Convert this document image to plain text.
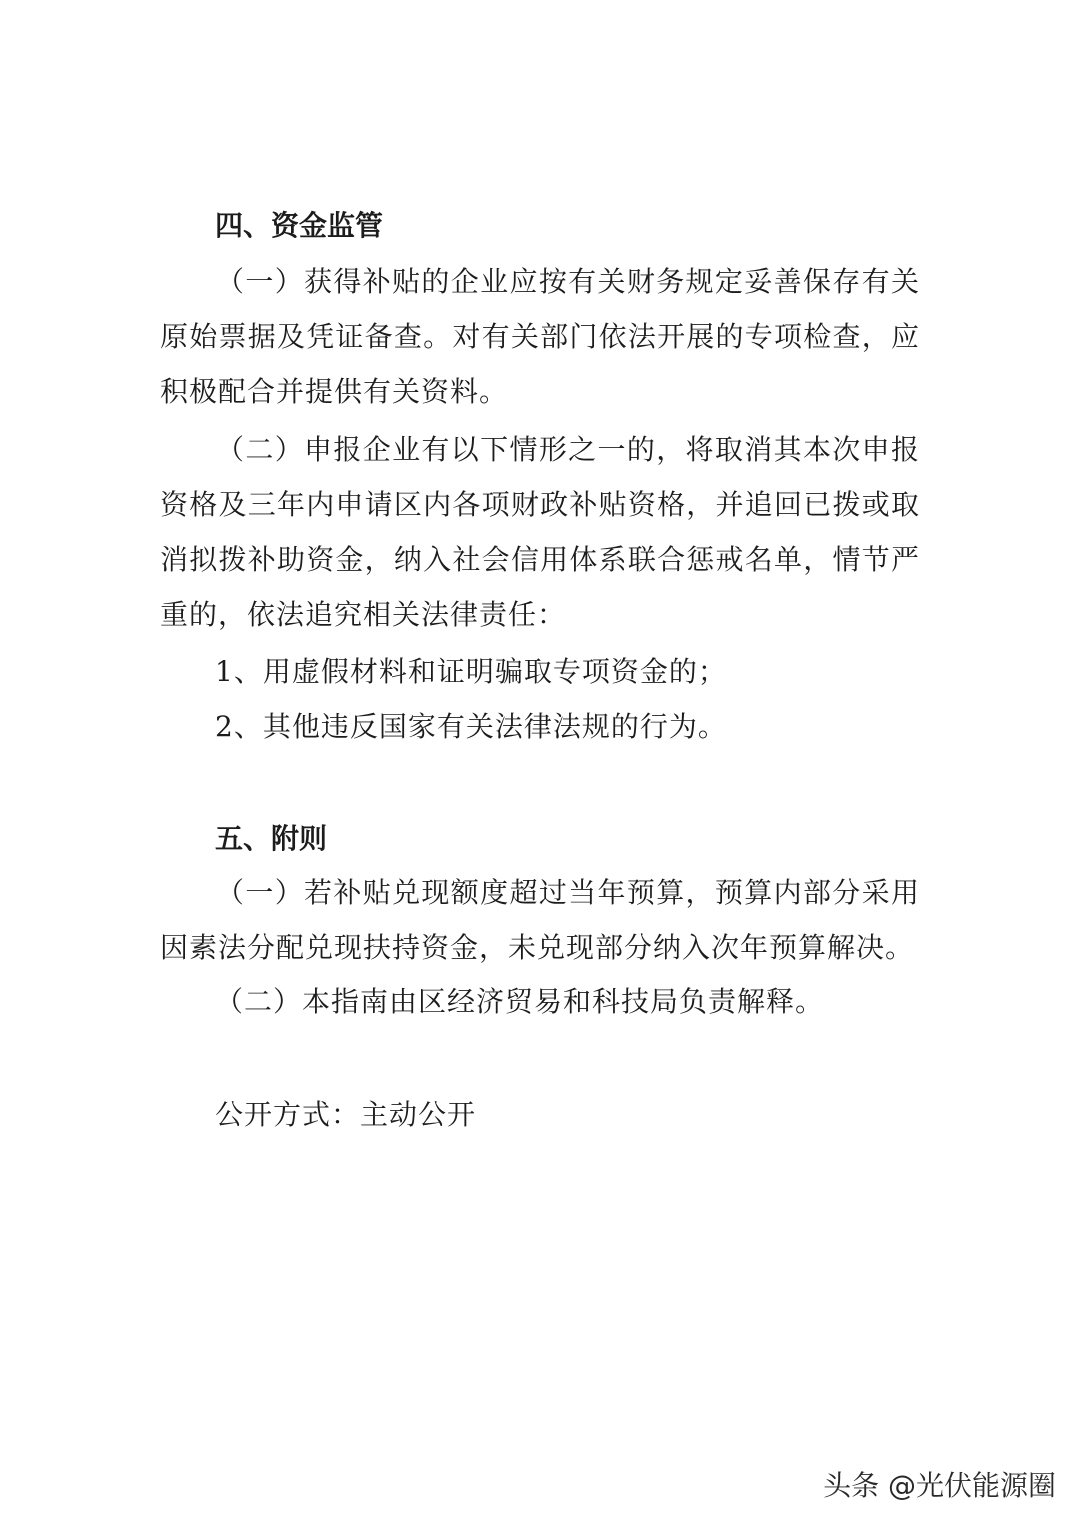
四、资金监管
（一）获得补贴的企业应按有关财务规定妥善保存有关原始票据及凭证备查。对有关部门依法开展的专项检查，应积极配合并提供有关资料。
（二）申报企业有以下情形之一的，将取消其本次申报资格及三年内申请区内各项财政补贴资格，并追回已拨或取消拟拨补助资金，纳入社会信用体系联合惩戒名单，情节严重的，依法追究相关法律责任：
1、用虚假材料和证明骗取专项资金的；
2、其他违反国家有关法律法规的行为。
五、附则
（一）若补贴兑现额度超过当年预算，预算内部分采用因素法分配兑现扶持资金，未兑现部分纳入次年预算解决。
（二）本指南由区经济贸易和科技局负责解释。
公开方式：主动公开
头条 @光伏能源圈
